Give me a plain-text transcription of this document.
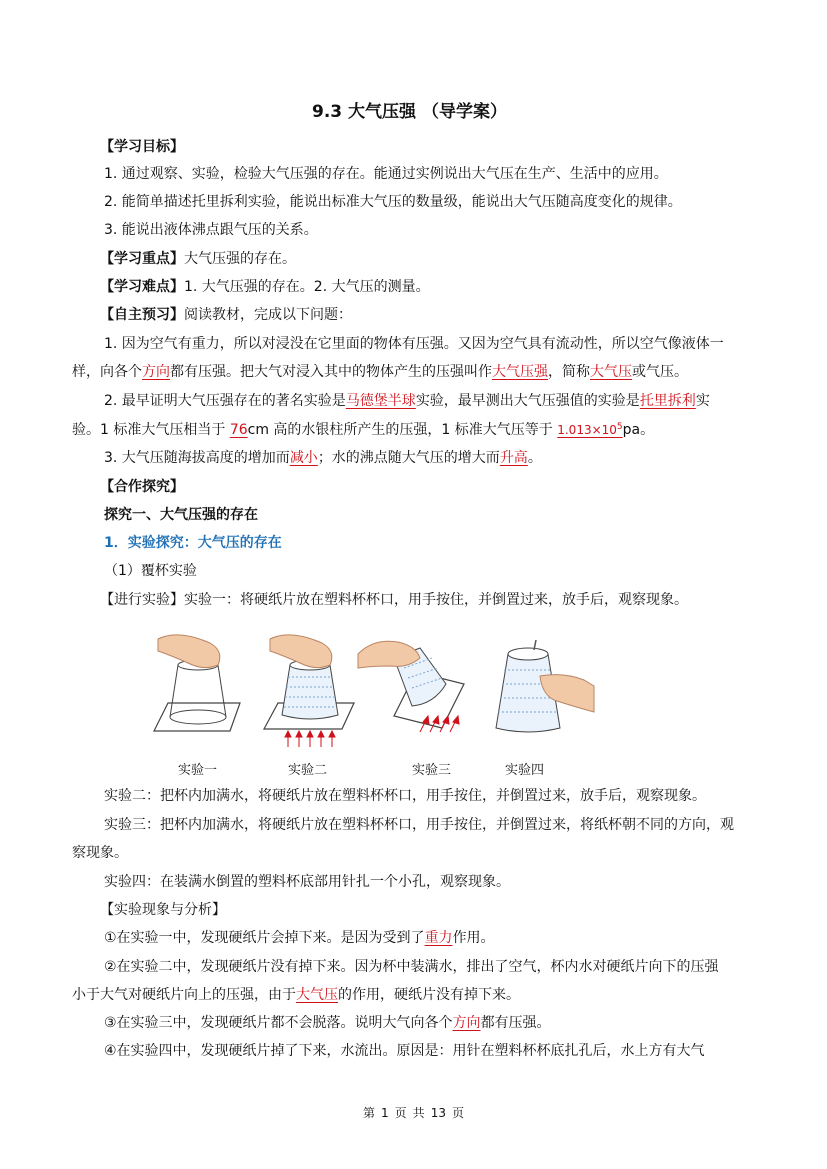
9.3 大气压强 （导学案）
【学习目标】
1. 通过观察、实验，检验大气压强的存在。能通过实例说出大气压在生产、生活中的应用。
2. 能简单描述托里拆利实验，能说出标准大气压的数量级，能说出大气压随高度变化的规律。
3. 能说出液体沸点跟气压的关系。
【学习重点】大气压强的存在。
【学习难点】1. 大气压强的存在。2. 大气压的测量。
【自主预习】阅读教材，完成以下问题：
1. 因为空气有重力，所以对浸没在它里面的物体有压强。又因为空气具有流动性，所以空气像液体一
样，向各个方向都有压强。把大气对浸入其中的物体产生的压强叫作大气压强，简称大气压或气压。
2. 最早证明大气压强存在的著名实验是马德堡半球实验，最早测出大气压强值的实验是托里拆利实
验。1 标准大气压相当于 76cm 高的水银柱所产生的压强，1 标准大气压等于 $1.013\times 10^5pa$。
3. 大气压随海拔高度的增加而减小；水的沸点随大气压的增大而升高。
【合作探究】
探究一、大气压强的存在
1．实验探究：大气压的存在
（1）覆杯实验
【进行实验】实验一：将硬纸片放在塑料杯杯口，用手按住，并倒置过来，放手后，观察现象。
实验一	实验二	实验三	实验四
实验二：把杯内加满水，将硬纸片放在塑料杯杯口，用手按住，并倒置过来，放手后，观察现象。
实验三：把杯内加满水，将硬纸片放在塑料杯杯口，用手按住，并倒置过来，将纸杯朝不同的方向，观
察现象。
实验四：在装满水倒置的塑料杯底部用针扎一个小孔，观察现象。
【实验现象与分析】
①在实验一中，发现硬纸片会掉下来。是因为受到了重力作用。
②在实验二中，发现硬纸片没有掉下来。因为杯中装满水，排出了空气，杯内水对硬纸片向下的压强
小于大气对硬纸片向上的压强，由于大气压的作用，硬纸片没有掉下来。
③在实验三中，发现硬纸片都不会脱落。说明大气向各个方向都有压强。
④在实验四中，发现硬纸片掉了下来，水流出。原因是：用针在塑料杯杯底扎孔后，水上方有大气
第 1 页 共 13 页
